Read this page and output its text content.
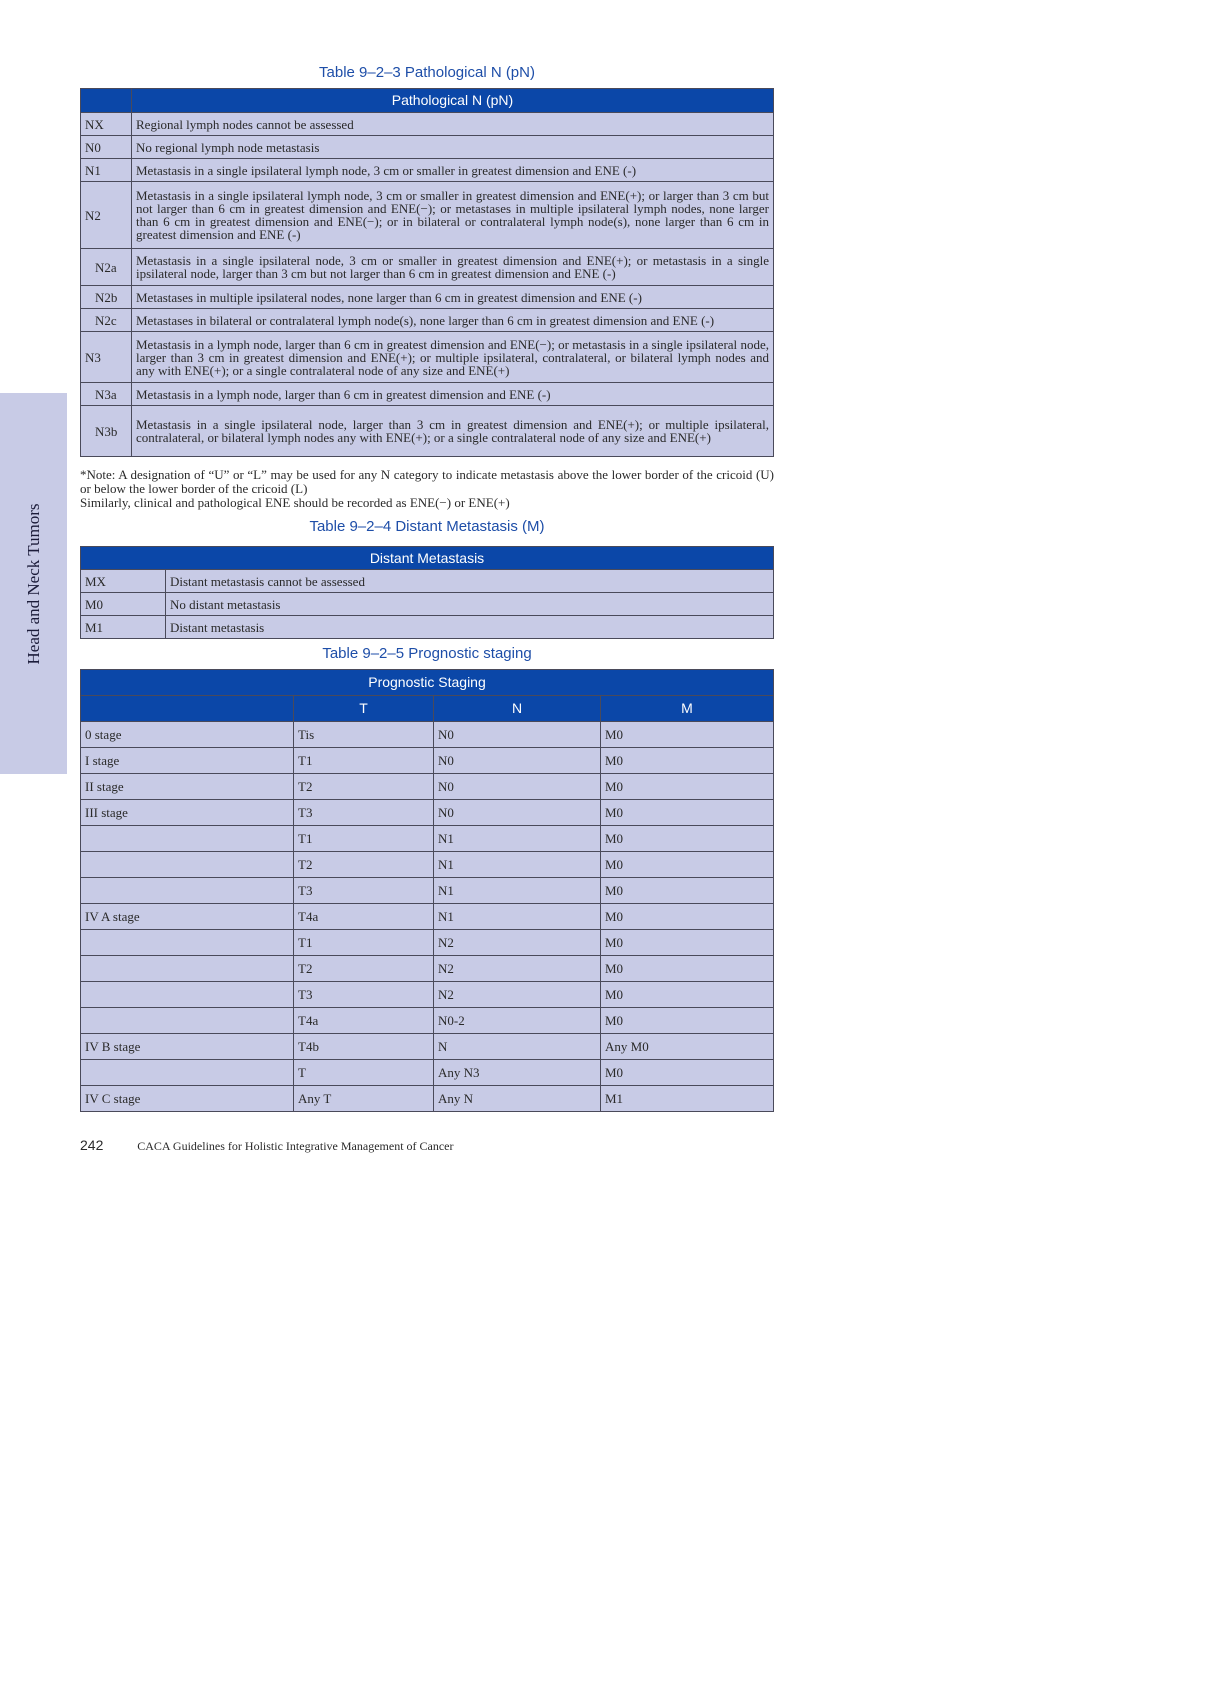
Head and Neck Tumors
Table 9–2–3 Pathological N (pN)
	Pathological N (pN)
NX	Regional lymph nodes cannot be assessed
N0	No regional lymph node metastasis
N1	Metastasis in a single ipsilateral lymph node, 3 cm or smaller in greatest dimension and ENE (-)
N2	Metastasis in a single ipsilateral lymph node, 3 cm or smaller in greatest dimension and ENE(+); or larger than 3 cm but not larger than 6 cm in greatest dimension and ENE(−); or metastases in multiple ipsilateral lymph nodes, none larger than 6 cm in greatest dimension and ENE(−); or in bilateral or contralateral lymph node(s), none larger than 6 cm in greatest dimension and ENE (-)
N2a	Metastasis in a single ipsilateral node, 3 cm or smaller in greatest dimension and ENE(+); or metastasis in a single ipsilateral node, larger than 3 cm but not larger than 6 cm in greatest dimension and ENE (-)
N2b	Metastases in multiple ipsilateral nodes, none larger than 6 cm in greatest dimension and ENE (-)
N2c	Metastases in bilateral or contralateral lymph node(s), none larger than 6 cm in greatest dimension and ENE (-)
N3	Metastasis in a lymph node, larger than 6 cm in greatest dimension and ENE(−); or metastasis in a single ipsilateral node, larger than 3 cm in greatest dimension and ENE(+); or multiple ipsilateral, contralateral, or bilateral lymph nodes and any with ENE(+); or a single contralateral node of any size and ENE(+)
N3a	Metastasis in a lymph node, larger than 6 cm in greatest dimension and ENE (-)
N3b	Metastasis in a single ipsilateral node, larger than 3 cm in greatest dimension and ENE(+); or multiple ipsilateral, contralateral, or bilateral lymph nodes any with ENE(+); or a single contralateral node of any size and ENE(+)
*Note: A designation of “U” or “L” may be used for any N category to indicate metastasis above the lower border of the cricoid (U) or below the lower border of the cricoid (L)
Similarly, clinical and pathological ENE should be recorded as ENE(−) or ENE(+)
Table 9–2–4 Distant Metastasis (M)
Distant Metastasis	
MX	Distant metastasis cannot be assessed
M0	No distant metastasis
M1	Distant metastasis
Table 9–2–5 Prognostic staging
Prognostic Staging			
	T	N	M
0 stage	Tis	N0	M0
I stage	T1	N0	M0
II stage	T2	N0	M0
III stage	T3	N0	M0
	T1	N1	M0
	T2	N1	M0
	T3	N1	M0
IV A stage	T4a	N1	M0
	T1	N2	M0
	T2	N2	M0
	T3	N2	M0
	T4a	N0-2	M0
IV B stage	T4b	N	Any M0
	T	Any N3	M0
IV C stage	Any T	Any N	M1
242	CACA Guidelines for Holistic Integrative Management of Cancer
